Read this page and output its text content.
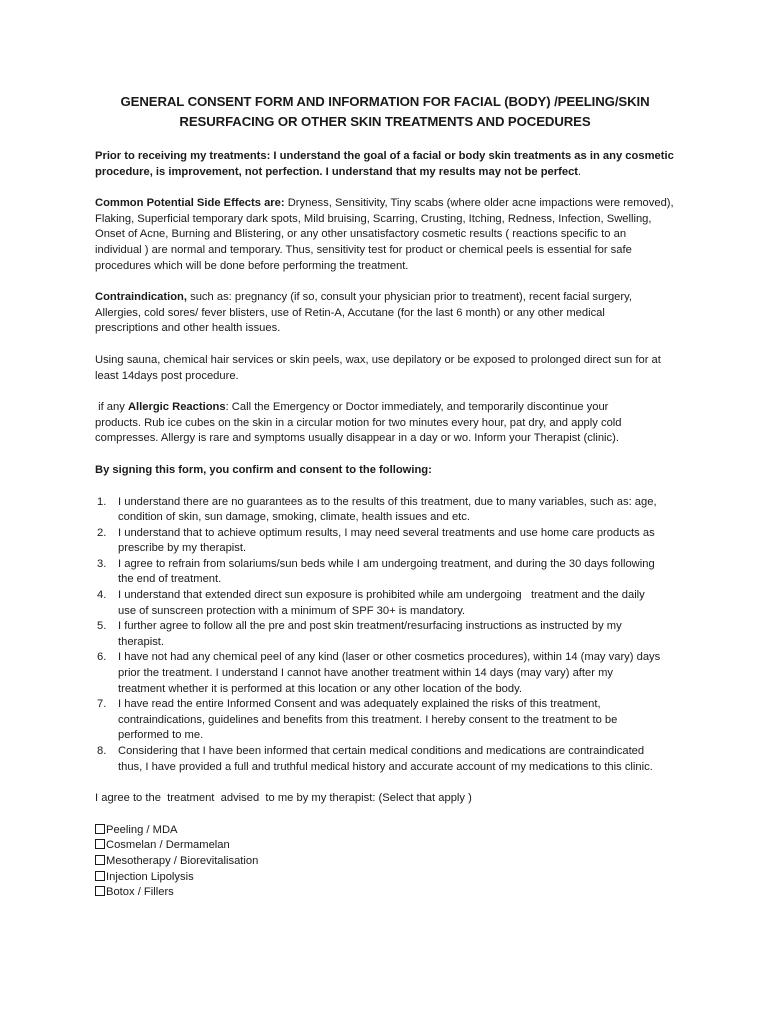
GENERAL CONSENT FORM AND INFORMATION FOR FACIAL (BODY) /PEELING/SKIN
RESURFACING OR OTHER SKIN TREATMENTS AND POCEDURES

Prior to receiving my treatments: I understand the goal of a facial or body skin treatments as in any cosmetic
procedure, is improvement, not perfection. I understand that my results may not be perfect.

Common Potential Side Effects are: Dryness, Sensitivity, Tiny scabs (where older acne impactions were removed),
Flaking, Superficial temporary dark spots, Mild bruising, Scarring, Crusting, Itching, Redness, Infection, Swelling,
Onset of Acne, Burning and Blistering, or any other unsatisfactory cosmetic results ( reactions specific to an
individual ) are normal and temporary. Thus, sensitivity test for product or chemical peels is essential for safe
procedures which will be done before performing the treatment.

Contraindication, such as: pregnancy (if so, consult your physician prior to treatment), recent facial surgery,
Allergies, cold sores/ fever blisters, use of Retin-A, Accutane (for the last 6 month) or any other medical
prescriptions and other health issues.

Using sauna, chemical hair services or skin peels, wax, use depilatory or be exposed to prolonged direct sun for at
least 14days post procedure.

if any Allergic Reactions: Call the Emergency or Doctor immediately, and temporarily discontinue your
products. Rub ice cubes on the skin in a circular motion for two minutes every hour, pat dry, and apply cold
compresses. Allergy is rare and symptoms usually disappear in a day or wo. Inform your Therapist (clinic).

By signing this form, you confirm and consent to the following:

1. I understand there are no guarantees as to the results of this treatment, due to many variables, such as: age,
condition of skin, sun damage, smoking, climate, health issues and etc.
2. I understand that to achieve optimum results, I may need several treatments and use home care products as
prescribe by my therapist.
3. I agree to refrain from solariums/sun beds while I am undergoing treatment, and during the 30 days following
the end of treatment.
4. I understand that extended direct sun exposure is prohibited while am undergoing   treatment and the daily
use of sunscreen protection with a minimum of SPF 30+ is mandatory.
5. I further agree to follow all the pre and post skin treatment/resurfacing instructions as instructed by my
therapist.
6. I have not had any chemical peel of any kind (laser or other cosmetics procedures), within 14 (may vary) days
prior the treatment. I understand I cannot have another treatment within 14 days (may vary) after my
treatment whether it is performed at this location or any other location of the body.
7. I have read the entire Informed Consent and was adequately explained the risks of this treatment,
contraindications, guidelines and benefits from this treatment. I hereby consent to the treatment to be
performed to me.
8. Considering that I have been informed that certain medical conditions and medications are contraindicated
thus, I have provided a full and truthful medical history and accurate account of my medications to this clinic.

I agree to the  treatment  advised  to me by my therapist: (Select that apply )

Peeling / MDA
Cosmelan / Dermamelan
Mesotherapy / Biorevitalisation
Injection Lipolysis
Botox / Fillers
